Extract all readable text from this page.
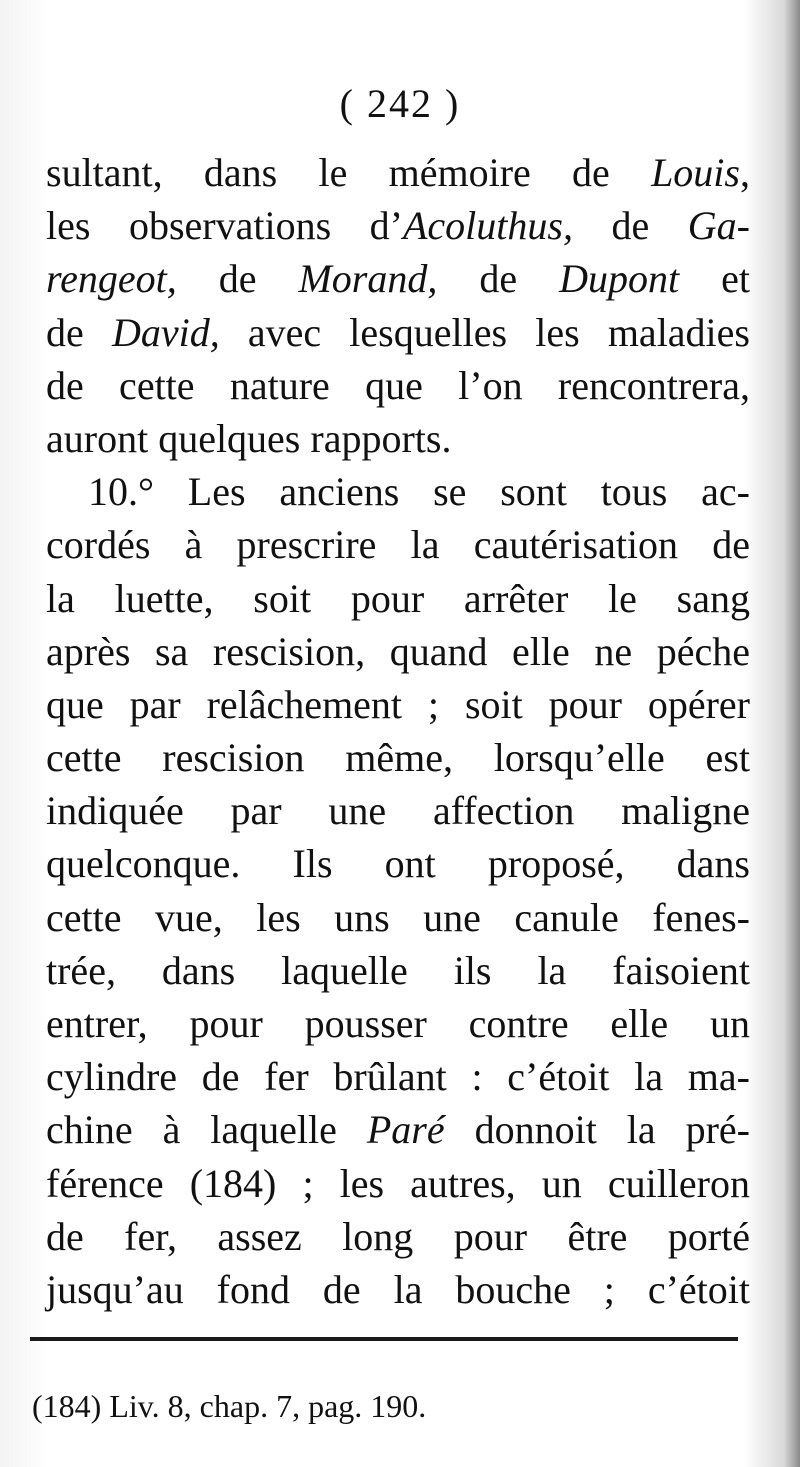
( 242 )
sultant, dans le mémoire de Louis,
les observations d’Acoluthus, de Ga-
rengeot, de Morand, de Dupont et
de David, avec lesquelles les maladies
de cette nature que l’on rencontrera,
auront quelques rapports.
10.° Les anciens se sont tous ac-
cordés à prescrire la cautérisation de
la luette, soit pour arrêter le sang
après sa rescision, quand elle ne péche
que par relâchement ; soit pour opérer
cette rescision même, lorsqu’elle est
indiquée par une affection maligne
quelconque. Ils ont proposé, dans
cette vue, les uns une canule fenes-
trée, dans laquelle ils la faisoient
entrer, pour pousser contre elle un
cylindre de fer brûlant : c’étoit la ma-
chine à laquelle Paré donnoit la pré-
férence (184) ; les autres, un cuilleron
de fer, assez long pour être porté
jusqu’au fond de la bouche ; c’étoit
(184) Liv. 8, chap. 7, pag. 190.
